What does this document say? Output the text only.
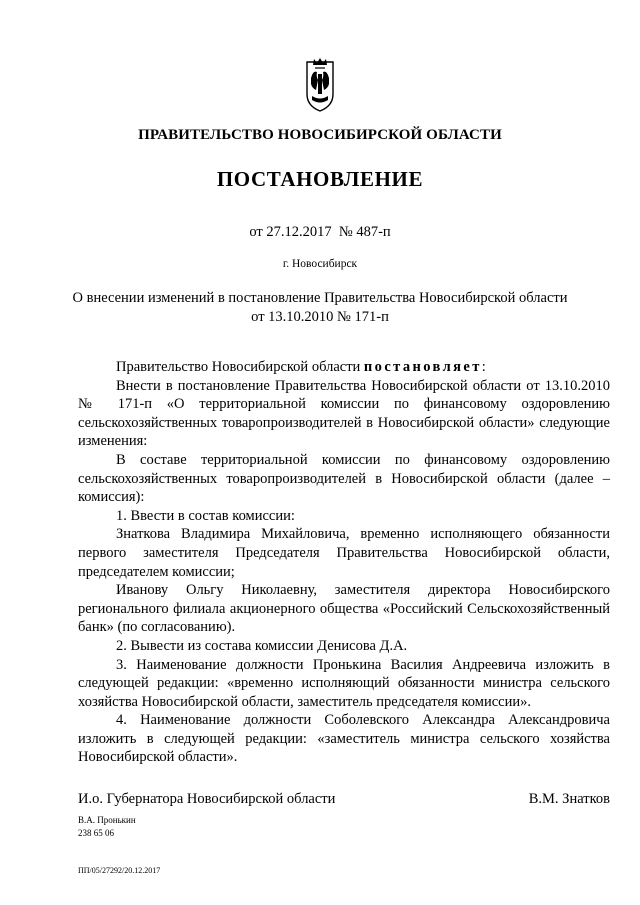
ПРАВИТЕЛЬСТВО НОВОСИБИРСКОЙ ОБЛАСТИ
ПОСТАНОВЛЕНИЕ
от 27.12.2017 № 487-п
г. Новосибирск
О внесении изменений в постановление Правительства Новосибирской области
от 13.10.2010 № 171-п

Правительство Новосибирской области постановляет:

Внести в постановление Правительства Новосибирской области от 13.10.2010 № 171-п «О территориальной комиссии по финансовому оздоровлению сельскохозяйственных товаропроизводителей в Новосибирской области» следующие изменения:

В составе территориальной комиссии по финансовому оздоровлению сельскохозяйственных товаропроизводителей в Новосибирской области (далее – комиссия):

1. Ввести в состав комиссии:

Знаткова Владимира Михайловича, временно исполняющего обязанности первого заместителя Председателя Правительства Новосибирской области, председателем комиссии;

Иванову Ольгу Николаевну, заместителя директора Новосибирского регионального филиала акционерного общества «Российский Сельскохозяйственный банк» (по согласованию).

2. Вывести из состава комиссии Денисова Д.А.

3. Наименование должности Пронькина Василия Андреевича изложить в следующей редакции: «временно исполняющий обязанности министра сельского хозяйства Новосибирской области, заместитель председателя комиссии».

4. Наименование должности Соболевского Александра Александровича изложить в следующей редакции: «заместитель министра сельского хозяйства Новосибирской области».

И.о. Губернатора Новосибирской области	В.М. Знатков
В.А. Пронькин
238 65 06
ПП/05/27292/20.12.2017
